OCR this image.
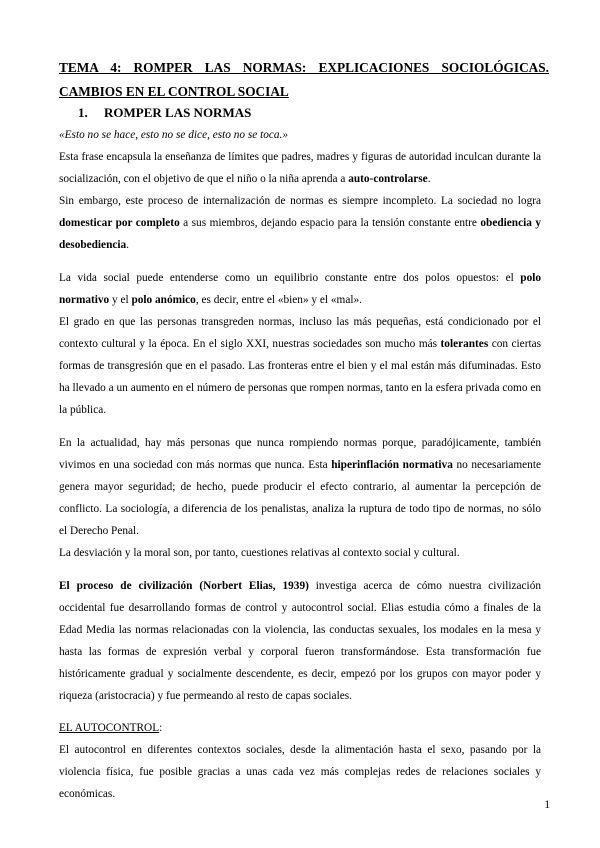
TEMA 4: ROMPER LAS NORMAS: EXPLICACIONES SOCIOLÓGICAS. CAMBIOS EN EL CONTROL SOCIAL
1. ROMPER LAS NORMAS

«Esto no se hace, esto no se dice, esto no se toca.»

Esta frase encapsula la enseñanza de límites que padres, madres y figuras de autoridad inculcan durante la socialización, con el objetivo de que el niño o la niña aprenda a auto-controlarse.

Sin embargo, este proceso de internalización de normas es siempre incompleto. La sociedad no logra domesticar por completo a sus miembros, dejando espacio para la tensión constante entre obediencia y desobediencia.

La vida social puede entenderse como un equilibrio constante entre dos polos opuestos: el polo normativo y el polo anómico, es decir, entre el «bien» y el «mal».

El grado en que las personas transgreden normas, incluso las más pequeñas, está condicionado por el contexto cultural y la época. En el siglo XXI, nuestras sociedades son mucho más tolerantes con ciertas formas de transgresión que en el pasado. Las fronteras entre el bien y el mal están más difuminadas. Esto ha llevado a un aumento en el número de personas que rompen normas, tanto en la esfera privada como en la pública.

En la actualidad, hay más personas que nunca rompiendo normas porque, paradójicamente, también vivimos en una sociedad con más normas que nunca. Esta hiperinflación normativa no necesariamente genera mayor seguridad; de hecho, puede producir el efecto contrario, al aumentar la percepción de conflicto. La sociología, a diferencia de los penalistas, analiza la ruptura de todo tipo de normas, no sólo el Derecho Penal.

La desviación y la moral son, por tanto, cuestiones relativas al contexto social y cultural.

El proceso de civilización (Norbert Elias, 1939) investiga acerca de cómo nuestra civilización occidental fue desarrollando formas de control y autocontrol social. Elias estudia cómo a finales de la Edad Media las normas relacionadas con la violencia, las conductas sexuales, los modales en la mesa y hasta las formas de expresión verbal y corporal fueron transformándose. Esta transformación fue históricamente gradual y socialmente descendente, es decir, empezó por los grupos con mayor poder y riqueza (aristocracia) y fue permeando al resto de capas sociales.

EL AUTOCONTROL:

El autocontrol en diferentes contextos sociales, desde la alimentación hasta el sexo, pasando por la violencia física, fue posible gracias a unas cada vez más complejas redes de relaciones sociales y económicas.

1
